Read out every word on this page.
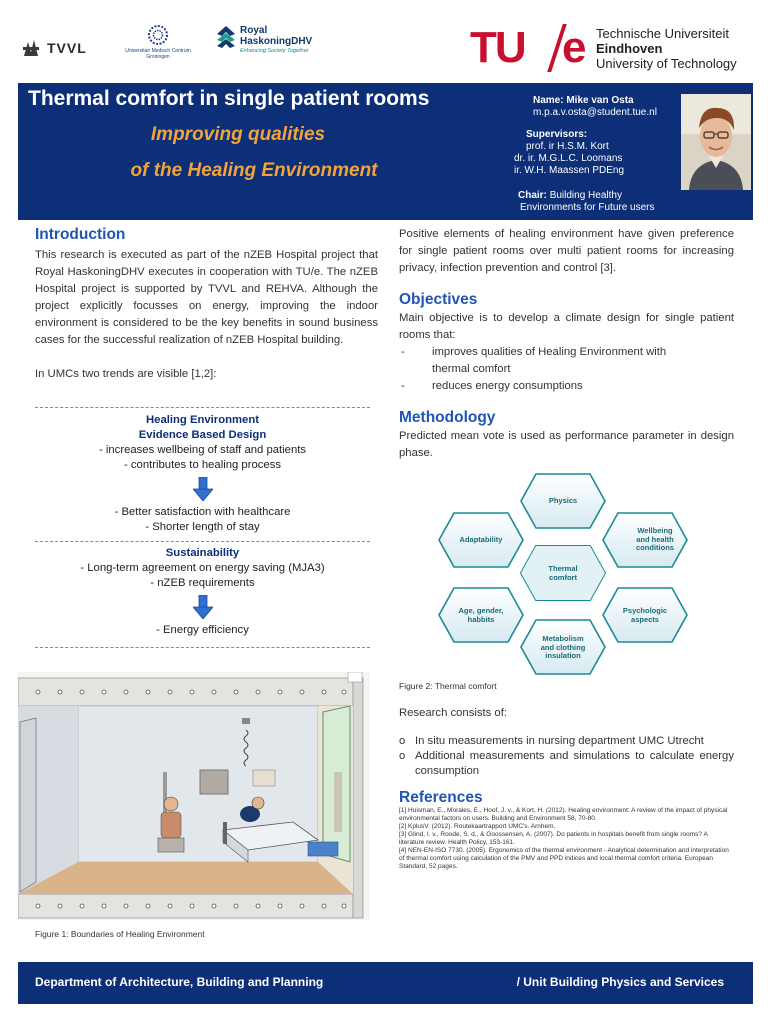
TVVL	Universitair Medisch Centrum Groningen
Royal
HaskoningDHV
Enhancing Society Together	TU e Technische Universiteit
Eindhoven
University of Technology
Thermal comfort in single patient rooms
Improving qualities
of the Healing Environment
Name: Mike van Osta
m.p.a.v.osta@student.tue.nl
Supervisors:
prof. ir H.S.M. Kort
dr. ir. M.G.L.C. Loomans
ir. W.H. Maassen PDEng
Chair: Building Healthy
Environments for Future users
Introduction
This research is executed as part of the nZEB Hospital project that Royal HaskoningDHV executes in cooperation with TU/e. The nZEB Hospital project is supported by TVVL and REHVA. Although the project explicitly focusses on energy, improving the indoor environment is considered to be the key benefits in sound business cases for the successful realization of nZEB Hospital building.
In UMCs two trends are visible [1,2]:
Healing Environment
Evidence Based Design
- increases wellbeing of staff and patients
- contributes to healing process
- Better satisfaction with healthcare
- Shorter length of stay
Sustainability
- Long-term agreement on energy saving (MJA3)
- nZEB requirements
- Energy efficiency
Figure 1: Boundaries of Healing Environment
Positive elements of healing environment have given preference for single patient rooms over multi patient rooms for increasing privacy, infection prevention and control [3].
Objectives
Main objective is to develop a climate design for single patient rooms that:
- improves qualities of Healing Environment with
thermal comfort
- reduces energy consumptions
Methodology
Predicted mean vote is used as performance parameter in design phase.
Physics
Adaptability
Wellbeing
and health
conditions
Thermal
comfort
Age, gender,
habbits
Psychologic
aspects
Metabolism
and clothing
insulation
Figure 2: Thermal comfort
Research consists of:
o In situ measurements in nursing department UMC Utrecht
o Additional measurements and simulations to calculate energy consumption
References
[1] Huisman, E., Morales, E., Hoof, J. v., & Kort, H. (2012). Healing environment: A review of the impact of physical environmental factors on users. Building and Environment 58, 70-80.
[2] KplusV. (2012). Routekaartrapport UMC's. Arnhem.
[3] Glind, I. v., Roode, S. d., & Goossensen, A. (2007). Do patients in hospitals benefit from single rooms? A literature review. Health Policy, 153-161.
[4] NEN-EN-ISO 7730. (2005). Ergonomics of the thermal environment - Analytical determination and interpretation of thermal comfort using calculation of the PMV and PPD indices and local thermal comfort criteria. European Standard, 52 pages.
Department of Architecture, Building and Planning	/ Unit Building Physics and Services
